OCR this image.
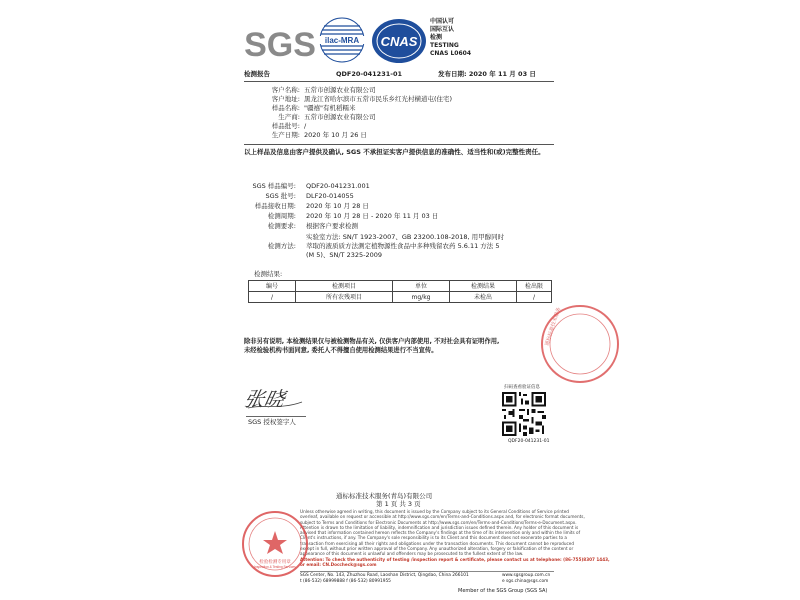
SGS ilac-MRA CNAS
中国认可
国际互认
检测
TESTING
CNAS L0604
检测报告	QDF20-041231-01	发布日期: 2020 年 11 月 03 日
客户名称: 五常市创源农业有限公司
客户地址: 黑龙江省哈尔滨市五常市民乐乡红光村横道屯(住宅)
样品名称: "疆禧"有机稻糯米
生产商: 五常市创源农业有限公司
样品批号: /
生产日期: 2020 年 10 月 26 日
以上样品及信息由客户提供及确认, SGS 不承担证实客户提供信息的准确性、适当性和(或)完整性责任。
SGS 样品编号: QDF20-041231.001
SGS 批号: DLF20-014055
样品接收日期: 2020 年 10 月 28 日
检测周期: 2020 年 10 月 28 日 - 2020 年 11 月 03 日
检测要求: 根据客户要求检测
检测方法:
实验室方法: SN/T 1923-2007、GB 23200.108-2018, 用甲醇同时
萃取的液质质方法测定植物源性食品中多种残留农药 5.6.11 方法 5
(M 5)、SN/T 2325-2009
检测结果:
编号	检测项目	单位	检测结果	检出限
/	所有农残项目	mg/kg	未检出	/
通标标准技术服务
除非另有说明, 本检测结果仅与被检测物品有关, 仅供客户内部使用, 不对社会具有证明作用,
未经检验机构书面同意, 委托人不得擅自使用检测结果进行不当宣传。
张晓
SGS 授权签字人
扫码查看验证信息
QDF20-041231-01
通标标准技术服务(青岛)有限公司
第 1 页 共 3 页
Unless otherwise agreed in writing, this document is issued by the Company subject to its General Conditions of Service printed
overleaf, available on request or accessible at http://www.sgs.com/en/Terms-and-Conditions.aspx and, for electronic format documents,
subject to Terms and Conditions for Electronic Documents at http://www.sgs.com/en/Terms-and-Conditions/Terms-e-Document.aspx.
Attention is drawn to the limitation of liability, indemnification and jurisdiction issues defined therein. Any holder of this document is
advised that information contained hereon reflects the Company's findings at the time of its intervention only and within the limits of
Client's instructions, if any. The Company's sole responsibility is to its Client and this document does not exonerate parties to a
transaction from exercising all their rights and obligations under the transaction documents. This document cannot be reproduced
except in full, without prior written approval of the Company. Any unauthorized alteration, forgery or falsification of the content or
appearance of this document is unlawful and offenders may be prosecuted to the fullest extent of the law.
Attention: To check the authenticity of testing /inspection report & certificate, please contact us at telephone: (86-755)8307 1443,
or email: CN.Doccheck@sgs.com
检验检测专用章
Inspection & Testing Services
SGS Center, No. 143, Zhuzhou Road, Laoshan District, Qingdao, China 266101
t (86-532) 68999888 f (86-532) 80991955
www.sgsgroup.com.cn
e sgs.china@sgs.com
Member of the SGS Group (SGS SA)
